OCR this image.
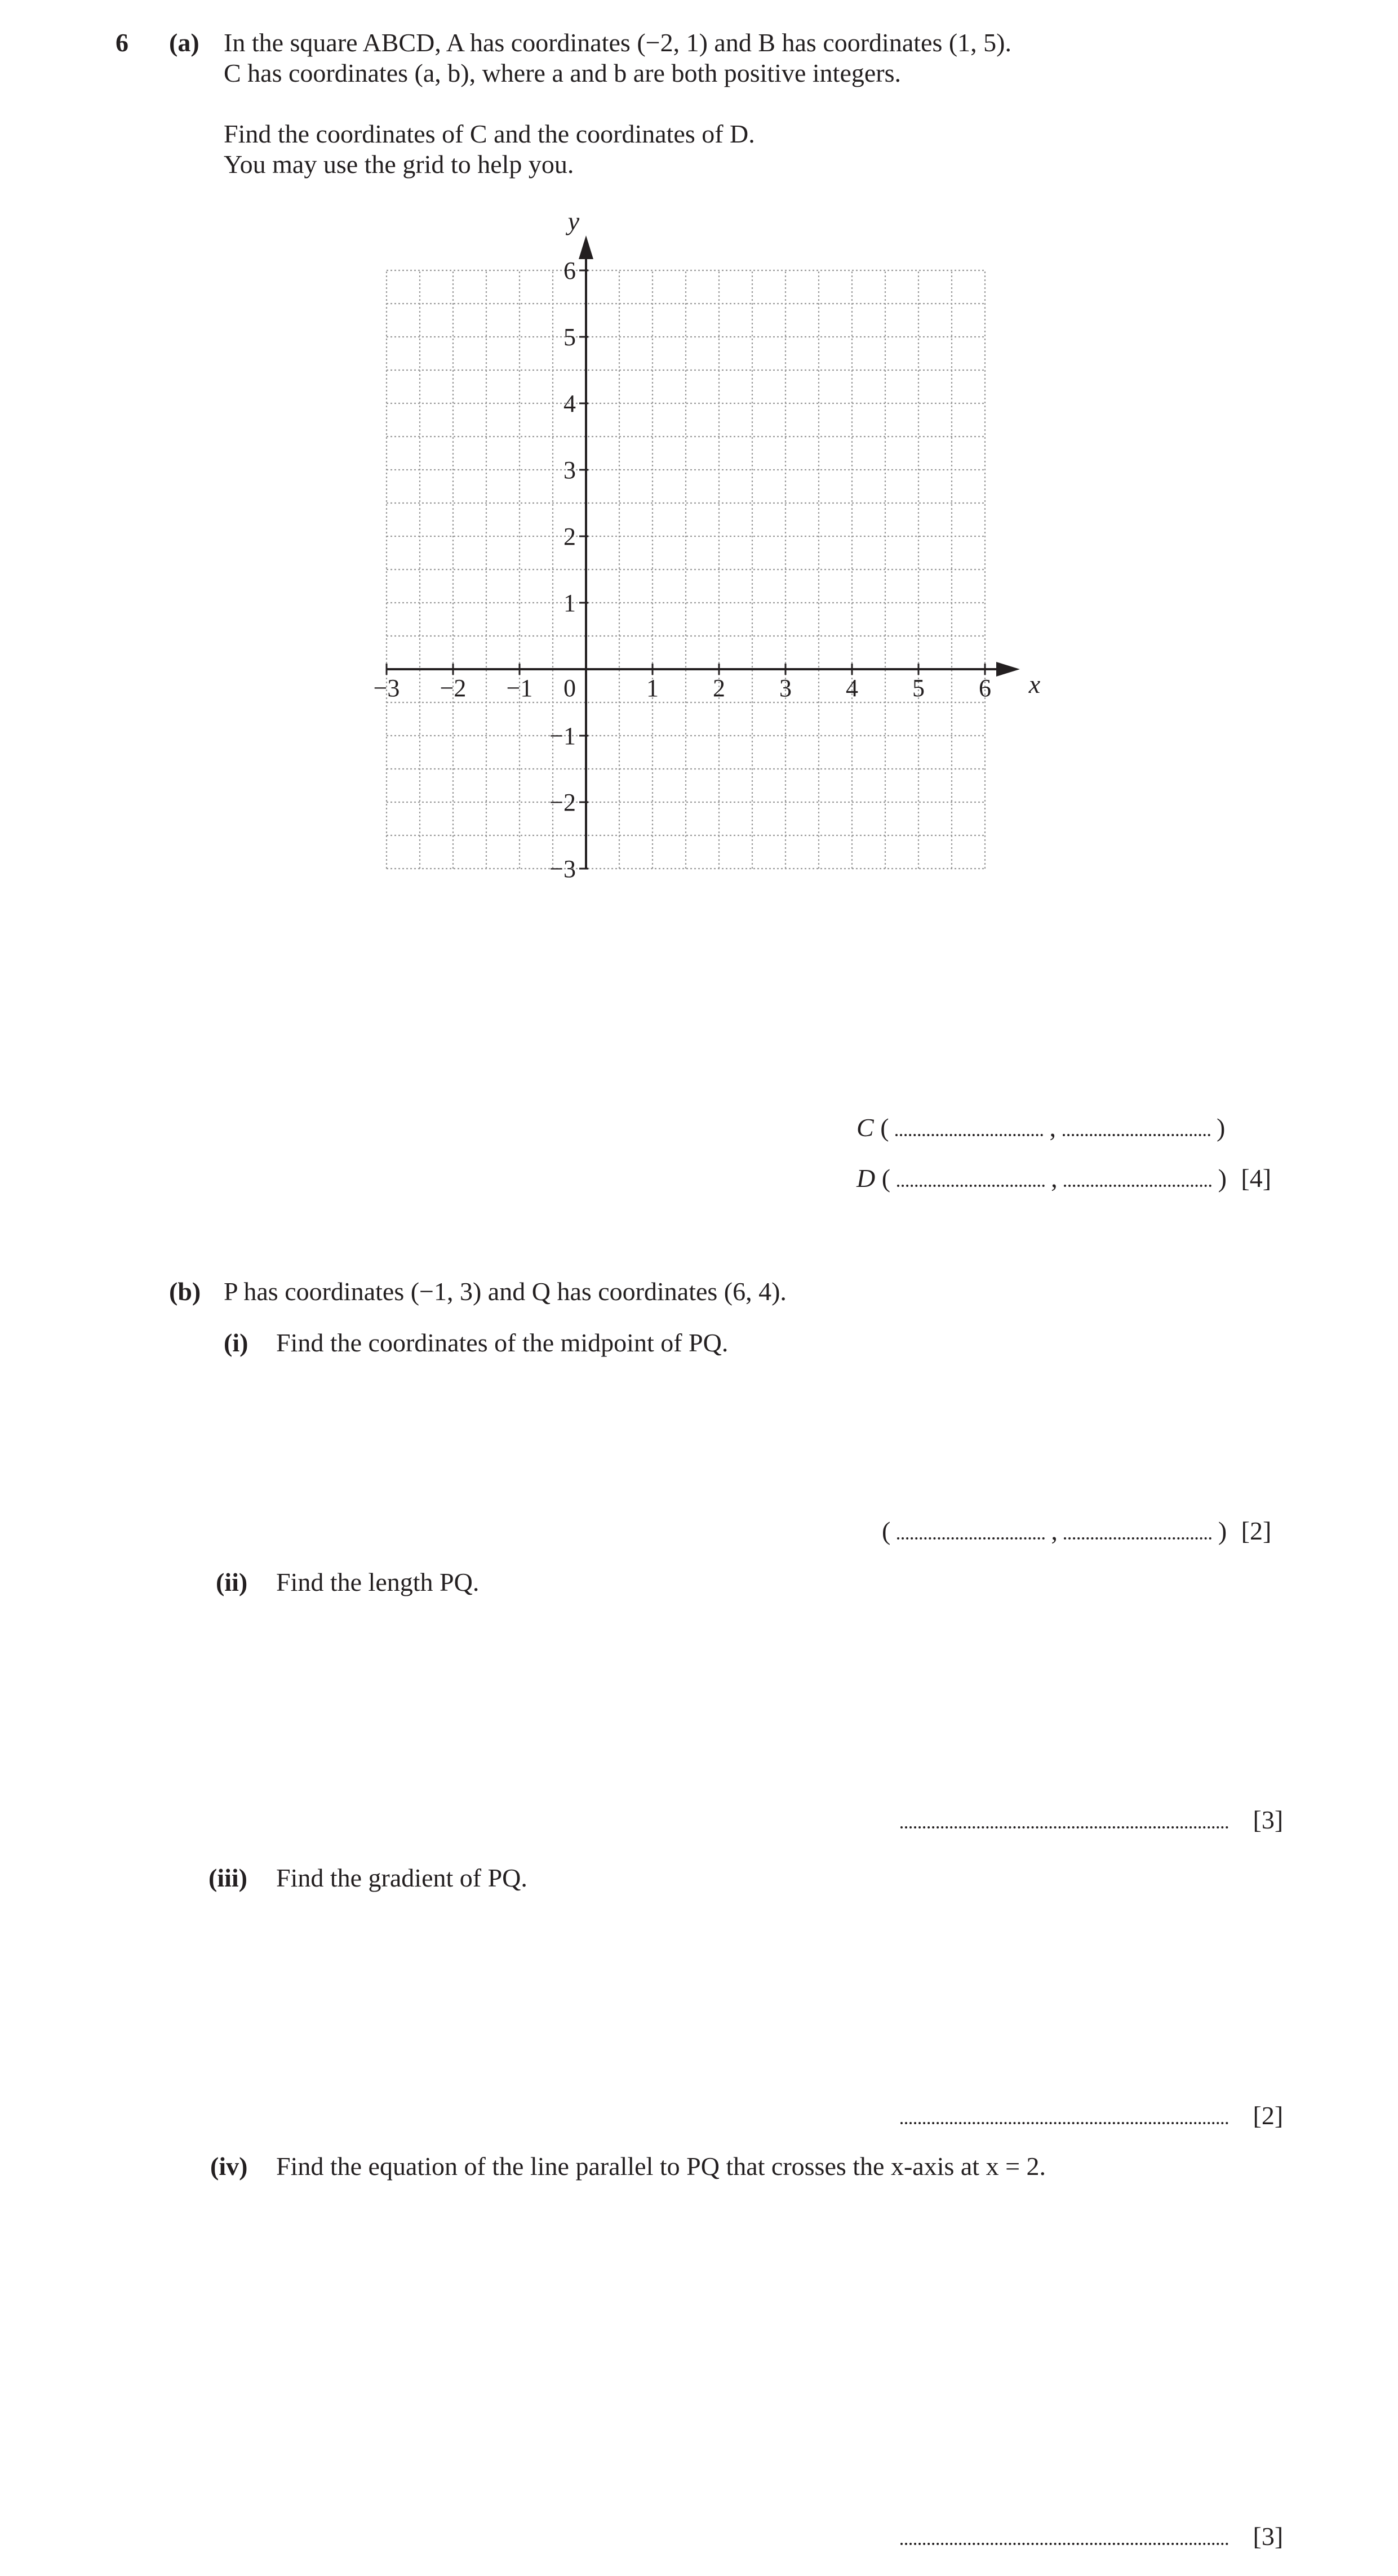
6 (a) In the square ABCD, A has coordinates (−2, 1) and B has coordinates (1, 5).
C has coordinates (a, b), where a and b are both positive integers.
Find the coordinates of C and the coordinates of D.
You may use the grid to help you.
−3 −2 −1	1 2 3 4 5 6
−3
−2
−1
1
2
3
4
5
6
0	x
y
C (	,	)
D (	,	) [4]
(b) P has coordinates (−1, 3) and Q has coordinates (6, 4).
(i) Find the coordinates of the midpoint of PQ.
(	,	) [2]
(ii) Find the length PQ.
[3]
(iii) Find the gradient of PQ.
[2]
(iv) Find the equation of the line parallel to PQ that crosses the x-axis at x = 2.
[3]
